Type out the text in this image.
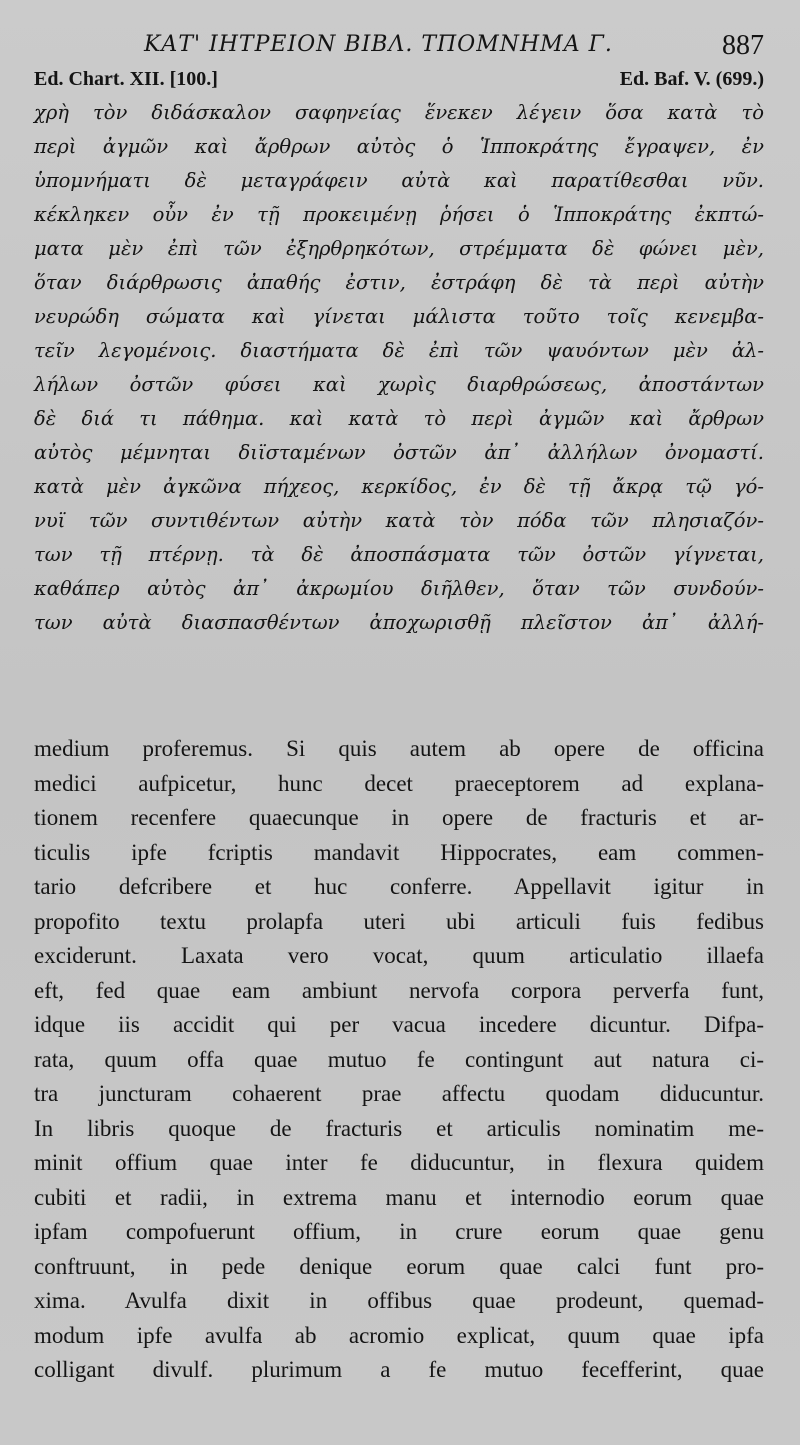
ΚΑΤ' ΙΗΤΡΕΙΟΝ ΒΙΒΛ. ΤΠΟΜΝΗΜΑ Γ.	887
Ed. Chart. XII. [100.]	Ed. Baf. V. (699.)
χρὴ τὸν διδάσκαλον σαφηνείας ἕνεκεν λέγειν ὅσα κατὰ τὸ
περὶ ἀγμῶν καὶ ἄρθρων αὐτὸς ὁ Ἱπποκράτης ἔγραψεν, ἐν
ὑπομνήματι δὲ μεταγράφειν αὐτὰ καὶ παρατίθεσθαι νῦν.
κέκληκεν οὖν ἐν τῇ προκειμένῃ ῥήσει ὁ Ἱπποκράτης ἐκπτώ-
ματα μὲν ἐπὶ τῶν ἐξηρθρηκότων, στρέμματα δὲ φώνει μὲν,
ὅταν διάρθρωσις ἀπαθής ἐστιν, ἐστράφη δὲ τὰ περὶ αὐτὴν
νευρώδη σώματα καὶ γίνεται μάλιστα τοῦτο τοῖς κενεμβα-
τεῖν λεγομένοις. διαστήματα δὲ ἐπὶ τῶν ψαυόντων μὲν ἀλ-
λήλων ὀστῶν φύσει καὶ χωρὶς διαρθρώσεως, ἀποστάντων
δὲ διά τι πάθημα. καὶ κατὰ τὸ περὶ ἀγμῶν καὶ ἄρθρων
αὐτὸς μέμνηται διϊσταμένων ὀστῶν ἀπ᾽ ἀλλήλων ὀνομαστί.
κατὰ μὲν ἀγκῶνα πήχεος, κερκίδος, ἐν δὲ τῇ ἄκρᾳ τῷ γό-
νυϊ τῶν συντιθέντων αὐτὴν κατὰ τὸν πόδα τῶν πλησιαζόν-
των τῇ πτέρνῃ. τὰ δὲ ἀποσπάσματα τῶν ὀστῶν γίγνεται,
καθάπερ αὐτὸς ἀπ᾽ ἀκρωμίου διῆλθεν, ὅταν τῶν συνδούν-
των αὐτὰ διασπασθέντων ἀποχωρισθῇ πλεῖστον ἀπ᾽ ἀλλή-
medium proferemus. Si quis autem ab opere de officina
medici aufpicetur, hunc decet praeceptorem ad explana-
tionem recenfere quaecunque in opere de fracturis et ar-
ticulis ipfe fcriptis mandavit Hippocrates, eam commen-
tario defcribere et huc conferre. Appellavit igitur in
propofito textu prolapfa uteri ubi articuli fuis fedibus
exciderunt. Laxata vero vocat, quum articulatio illaefa
eft, fed quae eam ambiunt nervofa corpora perverfa funt,
idque iis accidit qui per vacua incedere dicuntur. Difpa-
rata, quum offa quae mutuo fe contingunt aut natura ci-
tra juncturam cohaerent prae affectu quodam diducuntur.
In libris quoque de fracturis et articulis nominatim me-
minit offium quae inter fe diducuntur, in flexura quidem
cubiti et radii, in extrema manu et internodio eorum quae
ipfam compofuerunt offium, in crure eorum quae genu
conftruunt, in pede denique eorum quae calci funt pro-
xima. Avulfa dixit in offibus quae prodeunt, quemad-
modum ipfe avulfa ab acromio explicat, quum quae ipfa
colligant divulf. plurimum a fe mutuo fecefferint, quae
